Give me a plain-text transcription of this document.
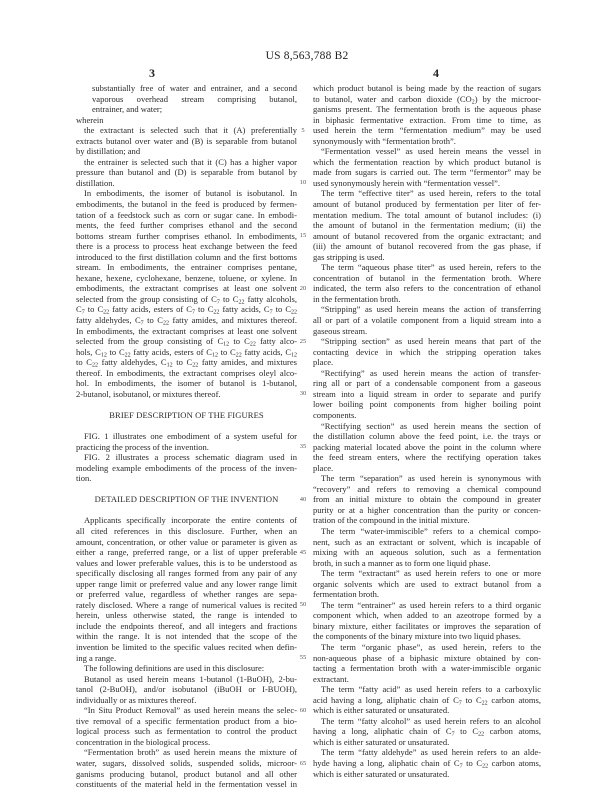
US 8,563,788 B2
3	4
substantially free of water and entrainer, and a second
vaporous overhead stream comprising butanol,
entrainer, and water;
wherein
the extractant is selected such that it (A) preferentially
extracts butanol over water and (B) is separable from butanol
by distillation; and
the entrainer is selected such that it (C) has a higher vapor
pressure than butanol and (D) is separable from butanol by
distillation.
In embodiments, the isomer of butanol is isobutanol. In
embodiments, the butanol in the feed is produced by fermen-
tation of a feedstock such as corn or sugar cane. In embodi-
ments, the feed further comprises ethanol and the second
bottoms stream further comprises ethanol. In embodiments,
there is a process to process heat exchange between the feed
introduced to the first distillation column and the first bottoms
stream. In embodiments, the entrainer comprises pentane,
hexane, hexene, cyclohexane, benzene, toluene, or xylene. In
embodiments, the extractant comprises at least one solvent
selected from the group consisting of $C_7$ to $C_{22}$ fatty alcohols,
$C_7$ to $C_{22}$ fatty acids, esters of $C_7$ to $C_{22}$ fatty acids, $C_7$ to $C_{22}$
fatty aldehydes, $C_7$ to $C_{22}$ fatty amides, and mixtures thereof.
In embodiments, the extractant comprises at least one solvent
selected from the group consisting of $C_{12}$ to $C_{22}$ fatty alco-
hols, $C_{12}$ to $C_{22}$ fatty acids, esters of $C_{12}$ to $C_{22}$ fatty acids, $C_{12}$
to $C_{22}$ fatty aldehydes, $C_{12}$ to $C_{22}$ fatty amides, and mixtures
thereof. In embodiments, the extractant comprises oleyl alco-
hol. In embodiments, the isomer of butanol is 1-butanol,
2-butanol, isobutanol, or mixtures thereof.
BRIEF DESCRIPTION OF THE FIGURES
FIG. 1 illustrates one embodiment of a system useful for
practicing the process of the invention.
FIG. 2 illustrates a process schematic diagram used in
modeling example embodiments of the process of the inven-
tion.
DETAILED DESCRIPTION OF THE INVENTION
Applicants specifically incorporate the entire contents of
all cited references in this disclosure. Further, when an
amount, concentration, or other value or parameter is given as
either a range, preferred range, or a list of upper preferable
values and lower preferable values, this is to be understood as
specifically disclosing all ranges formed from any pair of any
upper range limit or preferred value and any lower range limit
or preferred value, regardless of whether ranges are sepa-
rately disclosed. Where a range of numerical values is recited
herein, unless otherwise stated, the range is intended to
include the endpoints thereof, and all integers and fractions
within the range. It is not intended that the scope of the
invention be limited to the specific values recited when defin-
ing a range.
The following definitions are used in this disclosure:
Butanol as used herein means 1-butanol (1-BuOH), 2-bu-
tanol (2-BuOH), and/or isobutanol (iBuOH or I-BUOH),
individually or as mixtures thereof.
“In Situ Product Removal” as used herein means the selec-
tive removal of a specific fermentation product from a bio-
logical process such as fermentation to control the product
concentration in the biological process.
“Fermentation broth” as used herein means the mixture of
water, sugars, dissolved solids, suspended solids, microor-
ganisms producing butanol, product butanol and all other
constituents of the material held in the fermentation vessel in
which product butanol is being made by the reaction of sugars
to butanol, water and carbon dioxide $(CO_2)$ by the microor-
ganisms present. The fermentation broth is the aqueous phase
in biphasic fermentative extraction. From time to time, as
used herein the term “fermentation medium” may be used
synonymously with “fermentation broth”.
“Fermentation vessel” as used herein means the vessel in
which the fermentation reaction by which product butanol is
made from sugars is carried out. The term “fermentor” may be
used synonymously herein with “fermentation vessel”.
The term “effective titer” as used herein, refers to the total
amount of butanol produced by fermentation per liter of fer-
mentation medium. The total amount of butanol includes: (i)
the amount of butanol in the fermentation medium; (ii) the
amount of butanol recovered from the organic extractant; and
(iii) the amount of butanol recovered from the gas phase, if
gas stripping is used.
The term “aqueous phase titer” as used herein, refers to the
concentration of butanol in the fermentation broth. Where
indicated, the term also refers to the concentration of ethanol
in the fermentation broth.
“Stripping” as used herein means the action of transferring
all or part of a volatile component from a liquid stream into a
gaseous stream.
“Stripping section” as used herein means that part of the
contacting device in which the stripping operation takes
place.
“Rectifying” as used herein means the action of transfer-
ring all or part of a condensable component from a gaseous
stream into a liquid stream in order to separate and purify
lower boiling point components from higher boiling point
components.
“Rectifying section” as used herein means the section of
the distillation column above the feed point, i.e. the trays or
packing material located above the point in the column where
the feed stream enters, where the rectifying operation takes
place.
The term “separation” as used herein is synonymous with
“recovery” and refers to removing a chemical compound
from an initial mixture to obtain the compound in greater
purity or at a higher concentration than the purity or concen-
tration of the compound in the initial mixture.
The term “water-immiscible” refers to a chemical compo-
nent, such as an extractant or solvent, which is incapable of
mixing with an aqueous solution, such as a fermentation
broth, in such a manner as to form one liquid phase.
The term “extractant” as used herein refers to one or more
organic solvents which are used to extract butanol from a
fermentation broth.
The term “entrainer” as used herein refers to a third organic
component which, when added to an azeotrope formed by a
binary mixture, either facilitates or improves the separation of
the components of the binary mixture into two liquid phases.
The term “organic phase”, as used herein, refers to the
non-aqueous phase of a biphasic mixture obtained by con-
tacting a fermentation broth with a water-immiscible organic
extractant.
The term “fatty acid” as used herein refers to a carboxylic
acid having a long, aliphatic chain of $C_7$ to $C_{22}$ carbon atoms,
which is either saturated or unsaturated.
The term “fatty alcohol” as used herein refers to an alcohol
having a long, aliphatic chain of $C_7$ to $C_{22}$ carbon atoms,
which is either saturated or unsaturated.
The term “fatty aldehyde” as used herein refers to an alde-
hyde having a long, aliphatic chain of $C_7$ to $C_{22}$ carbon atoms,
which is either saturated or unsaturated.
5
10
15
20
25
30
35
40
45
50
55
60
65
